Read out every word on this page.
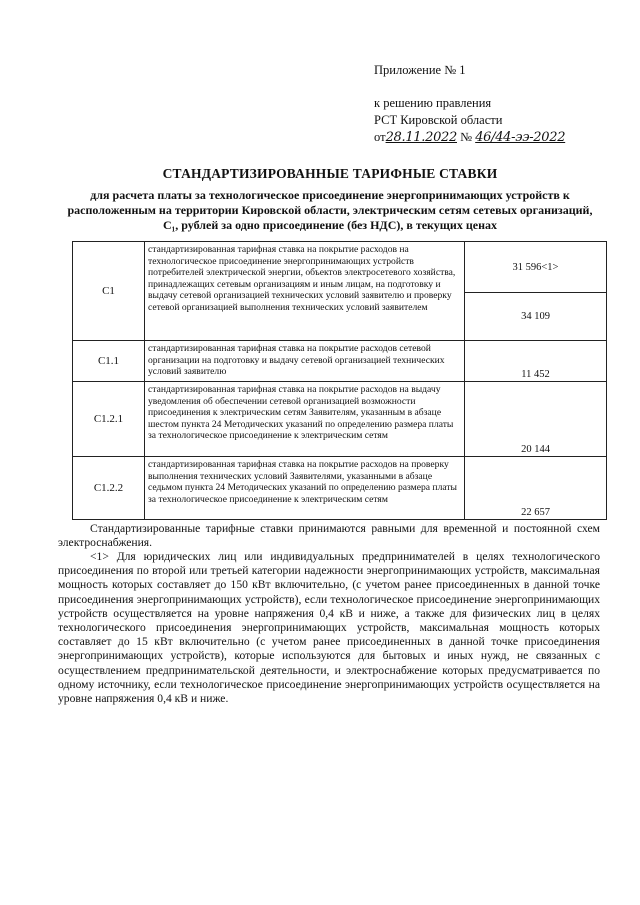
Приложение № 1
к решению правления
РСТ Кировской области
от28.11.2022 № 46/44-ээ-2022
СТАНДАРТИЗИРОВАННЫЕ ТАРИФНЫЕ СТАВКИ
для расчета платы за технологическое присоединение энергопринимающих устройств к расположенным на территории Кировской области, электрическим сетям сетевых организаций, С₁, рублей за одно присоединение (без НДС), в текущих ценах
С1	стандартизированная тарифная ставка на покрытие расходов на технологическое присоединение энергопринимающих устройств потребителей электрической энергии, объектов электросетевого хозяйства, принадлежащих сетевым организациям и иным лицам, на подготовку и выдачу сетевой организацией технических условий заявителю и проверку сетевой организацией выполнения технических условий заявителем	31 596<1>
		34 109
С1.1	стандартизированная тарифная ставка на покрытие расходов сетевой организации на подготовку и выдачу сетевой организацией технических условий заявителю	11 452
С1.2.1	стандартизированная тарифная ставка на покрытие расходов на выдачу уведомления об обеспечении сетевой организацией возможности присоединения к электрическим сетям Заявителям, указанным в абзаце шестом пункта 24 Методических указаний по определению размера платы за технологическое присоединение к электрическим сетям	20 144
С1.2.2	стандартизированная тарифная ставка на покрытие расходов на проверку выполнения технических условий Заявителями, указанными в абзаце седьмом пункта 24 Методических указаний по определению размера платы за технологическое присоединение к электрическим сетям	22 657
Стандартизированные тарифные ставки принимаются равными для временной и постоянной схем электроснабжения.
<1> Для юридических лиц или индивидуальных предпринимателей в целях технологического присоединения по второй или третьей категории надежности энергопринимающих устройств, максимальная мощность которых составляет до 150 кВт включительно, (с учетом ранее присоединенных в данной точке присоединения энергопринимающих устройств), если технологическое присоединение энергопринимающих устройств осуществляется на уровне напряжения 0,4 кВ и ниже, а также для физических лиц в целях технологического присоединения энергопринимающих устройств, максимальная мощность которых составляет до 15 кВт включительно (с учетом ранее присоединенных в данной точке присоединения энергопринимающих устройств), которые используются для бытовых и иных нужд, не связанных с осуществлением предпринимательской деятельности, и электроснабжение которых предусматривается по одному источнику, если технологическое присоединение энергопринимающих устройств осуществляется на уровне напряжения 0,4 кВ и ниже.
